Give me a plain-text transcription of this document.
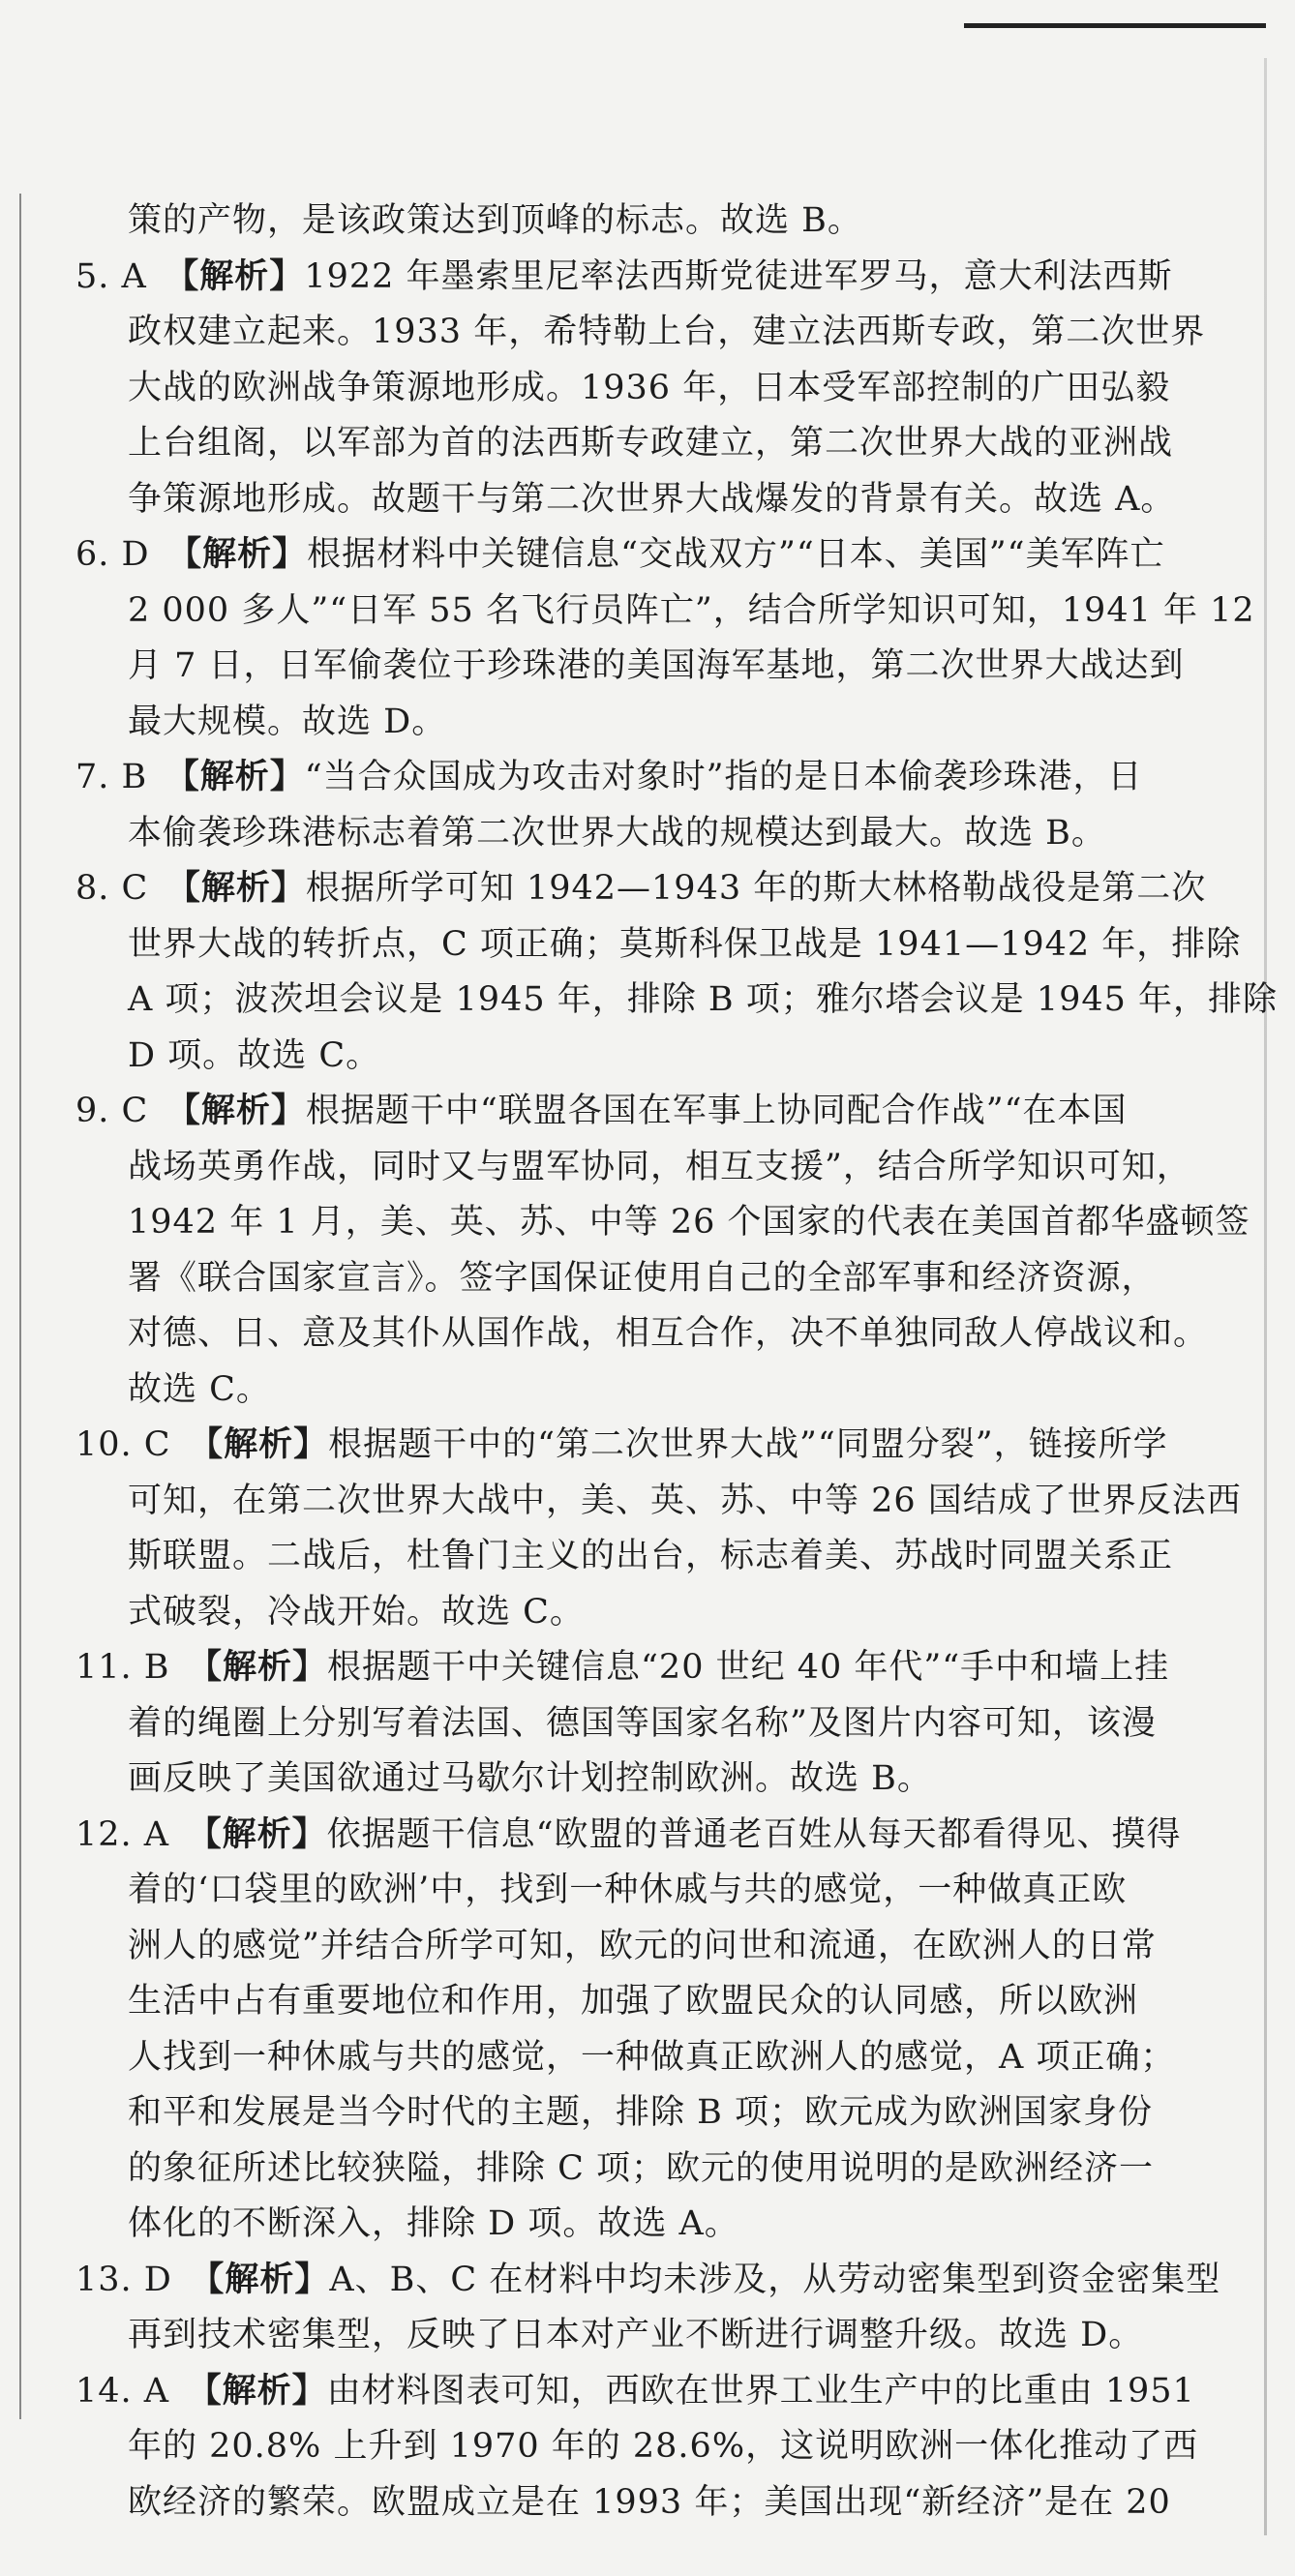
策的产物，是该政策达到顶峰的标志。故选 B。
5. A  【解析】1922 年墨索里尼率法西斯党徒进军罗马，意大利法西斯
政权建立起来。1933 年，希特勒上台，建立法西斯专政，第二次世界
大战的欧洲战争策源地形成。1936 年，日本受军部控制的广田弘毅
上台组阁，以军部为首的法西斯专政建立，第二次世界大战的亚洲战
争策源地形成。故题干与第二次世界大战爆发的背景有关。故选 A。
6. D  【解析】根据材料中关键信息“交战双方”“日本、美国”“美军阵亡
2 000 多人”“日军 55 名飞行员阵亡”，结合所学知识可知，1941 年 12
月 7 日，日军偷袭位于珍珠港的美国海军基地，第二次世界大战达到
最大规模。故选 D。
7. B  【解析】“当合众国成为攻击对象时”指的是日本偷袭珍珠港，日
本偷袭珍珠港标志着第二次世界大战的规模达到最大。故选 B。
8. C  【解析】根据所学可知 1942—1943 年的斯大林格勒战役是第二次
世界大战的转折点，C 项正确；莫斯科保卫战是 1941—1942 年，排除
A 项；波茨坦会议是 1945 年，排除 B 项；雅尔塔会议是 1945 年，排除
D 项。故选 C。
9. C  【解析】根据题干中“联盟各国在军事上协同配合作战”“在本国
战场英勇作战，同时又与盟军协同，相互支援”，结合所学知识可知，
1942 年 1 月，美、英、苏、中等 26 个国家的代表在美国首都华盛顿签
署《联合国家宣言》。签字国保证使用自己的全部军事和经济资源，
对德、日、意及其仆从国作战，相互合作，决不单独同敌人停战议和。
故选 C。
10. C  【解析】根据题干中的“第二次世界大战”“同盟分裂”，链接所学
可知，在第二次世界大战中，美、英、苏、中等 26 国结成了世界反法西
斯联盟。二战后，杜鲁门主义的出台，标志着美、苏战时同盟关系正
式破裂，冷战开始。故选 C。
11. B  【解析】根据题干中关键信息“20 世纪 40 年代”“手中和墙上挂
着的绳圈上分别写着法国、德国等国家名称”及图片内容可知，该漫
画反映了美国欲通过马歇尔计划控制欧洲。故选 B。
12. A  【解析】依据题干信息“欧盟的普通老百姓从每天都看得见、摸得
着的‘口袋里的欧洲’中，找到一种休戚与共的感觉，一种做真正欧
洲人的感觉”并结合所学可知，欧元的问世和流通，在欧洲人的日常
生活中占有重要地位和作用，加强了欧盟民众的认同感，所以欧洲
人找到一种休戚与共的感觉，一种做真正欧洲人的感觉，A 项正确；
和平和发展是当今时代的主题，排除 B 项；欧元成为欧洲国家身份
的象征所述比较狭隘，排除 C 项；欧元的使用说明的是欧洲经济一
体化的不断深入，排除 D 项。故选 A。
13. D  【解析】A、B、C 在材料中均未涉及，从劳动密集型到资金密集型
再到技术密集型，反映了日本对产业不断进行调整升级。故选 D。
14. A  【解析】由材料图表可知，西欧在世界工业生产中的比重由 1951
年的 20.8% 上升到 1970 年的 28.6%，这说明欧洲一体化推动了西
欧经济的繁荣。欧盟成立是在 1993 年；美国出现“新经济”是在 20
